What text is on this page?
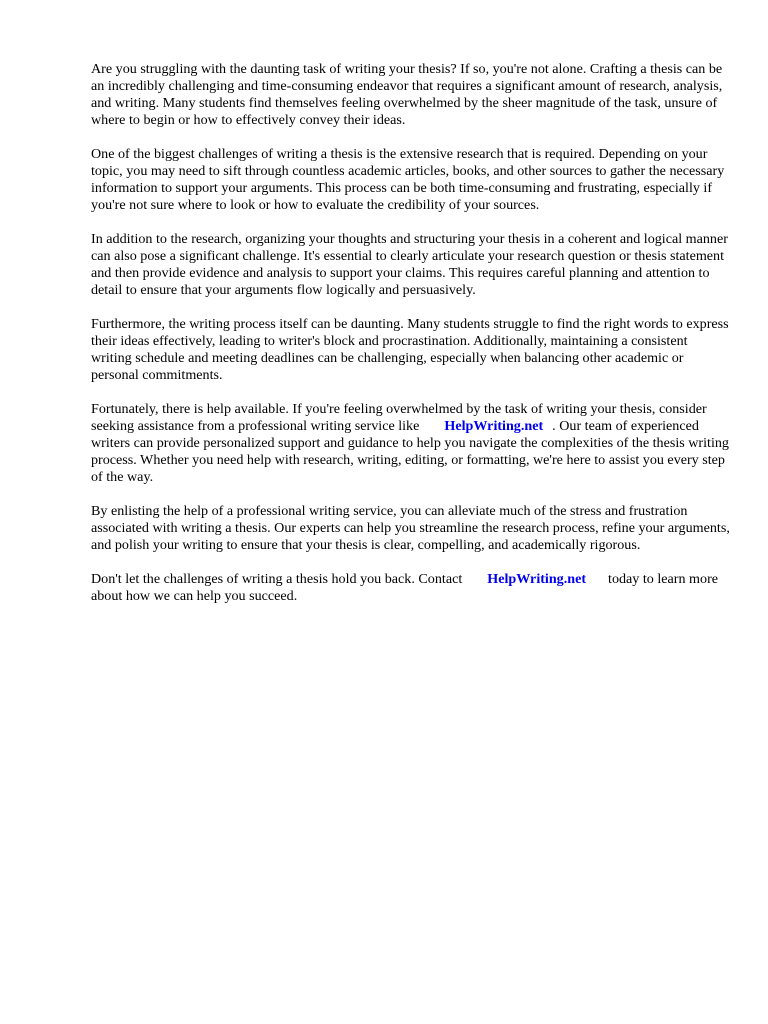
Are you struggling with the daunting task of writing your thesis? If so, you're not alone. Crafting a thesis can be an incredibly challenging and time-consuming endeavor that requires a significant amount of research, analysis, and writing. Many students find themselves feeling overwhelmed by the sheer magnitude of the task, unsure of where to begin or how to effectively convey their ideas.

One of the biggest challenges of writing a thesis is the extensive research that is required. Depending on your topic, you may need to sift through countless academic articles, books, and other sources to gather the necessary information to support your arguments. This process can be both time-consuming and frustrating, especially if you're not sure where to look or how to evaluate the credibility of your sources.

In addition to the research, organizing your thoughts and structuring your thesis in a coherent and logical manner can also pose a significant challenge. It's essential to clearly articulate your research question or thesis statement and then provide evidence and analysis to support your claims. This requires careful planning and attention to detail to ensure that your arguments flow logically and persuasively.

Furthermore, the writing process itself can be daunting. Many students struggle to find the right words to express their ideas effectively, leading to writer's block and procrastination. Additionally, maintaining a consistent writing schedule and meeting deadlines can be challenging, especially when balancing other academic or personal commitments.

Fortunately, there is help available. If you're feeling overwhelmed by the task of writing your thesis, consider seeking assistance from a professional writing service like HelpWriting.net . Our team of experienced writers can provide personalized support and guidance to help you navigate the complexities of the thesis writing process. Whether you need help with research, writing, editing, or formatting, we're here to assist you every step of the way.

By enlisting the help of a professional writing service, you can alleviate much of the stress and frustration associated with writing a thesis. Our experts can help you streamline the research process, refine your arguments, and polish your writing to ensure that your thesis is clear, compelling, and academically rigorous.

Don't let the challenges of writing a thesis hold you back. Contact HelpWriting.net today to learn more about how we can help you succeed.
